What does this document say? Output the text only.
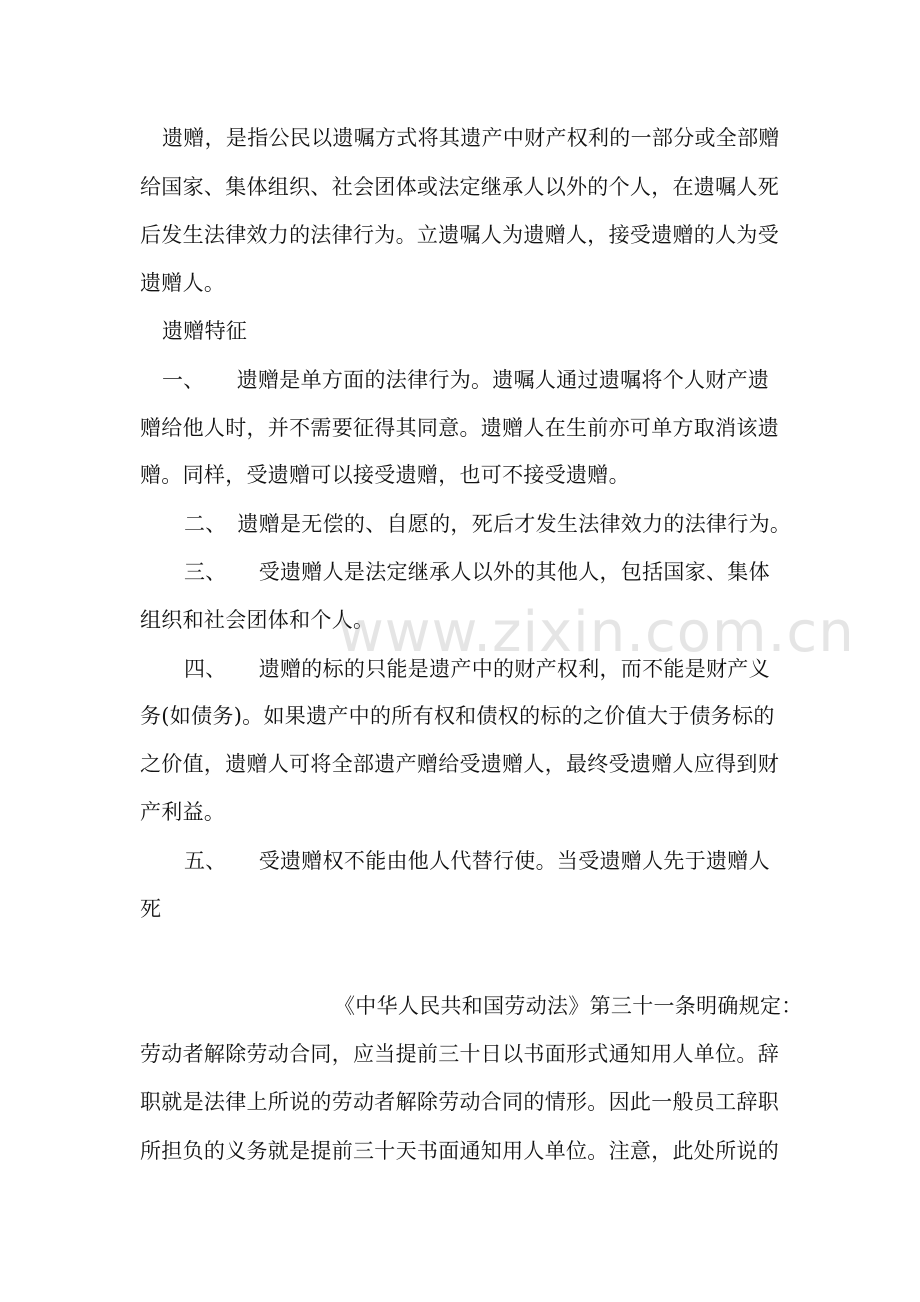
遗赠，是指公民以遗嘱方式将其遗产中财产权利的一部分或全部赠
给国家、集体组织、社会团体或法定继承人以外的个人，在遗嘱人死
后发生法律效力的法律行为。立遗嘱人为遗赠人，接受遗赠的人为受
遗赠人。
遗赠特征
一、　　遗赠是单方面的法律行为。遗嘱人通过遗嘱将个人财产遗
赠给他人时，并不需要征得其同意。遗赠人在生前亦可单方取消该遗
赠。同样，受遗赠可以接受遗赠，也可不接受遗赠。
二、　遗赠是无偿的、自愿的，死后才发生法律效力的法律行为。
三、　　受遗赠人是法定继承人以外的其他人，包括国家、集体
组织和社会团体和个人。
四、　　遗赠的标的只能是遗产中的财产权利，而不能是财产义
务(如债务)。如果遗产中的所有权和债权的标的之价值大于债务标的
之价值，遗赠人可将全部遗产赠给受遗赠人，最终受遗赠人应得到财
产利益。
五、　　受遗赠权不能由他人代替行使。当受遗赠人先于遗赠人
死
《中华人民共和国劳动法》第三十一条明确规定：
劳动者解除劳动合同，应当提前三十日以书面形式通知用人单位。辞
职就是法律上所说的劳动者解除劳动合同的情形。因此一般员工辞职
所担负的义务就是提前三十天书面通知用人单位。注意，此处所说的
www.zixin.com.cn
